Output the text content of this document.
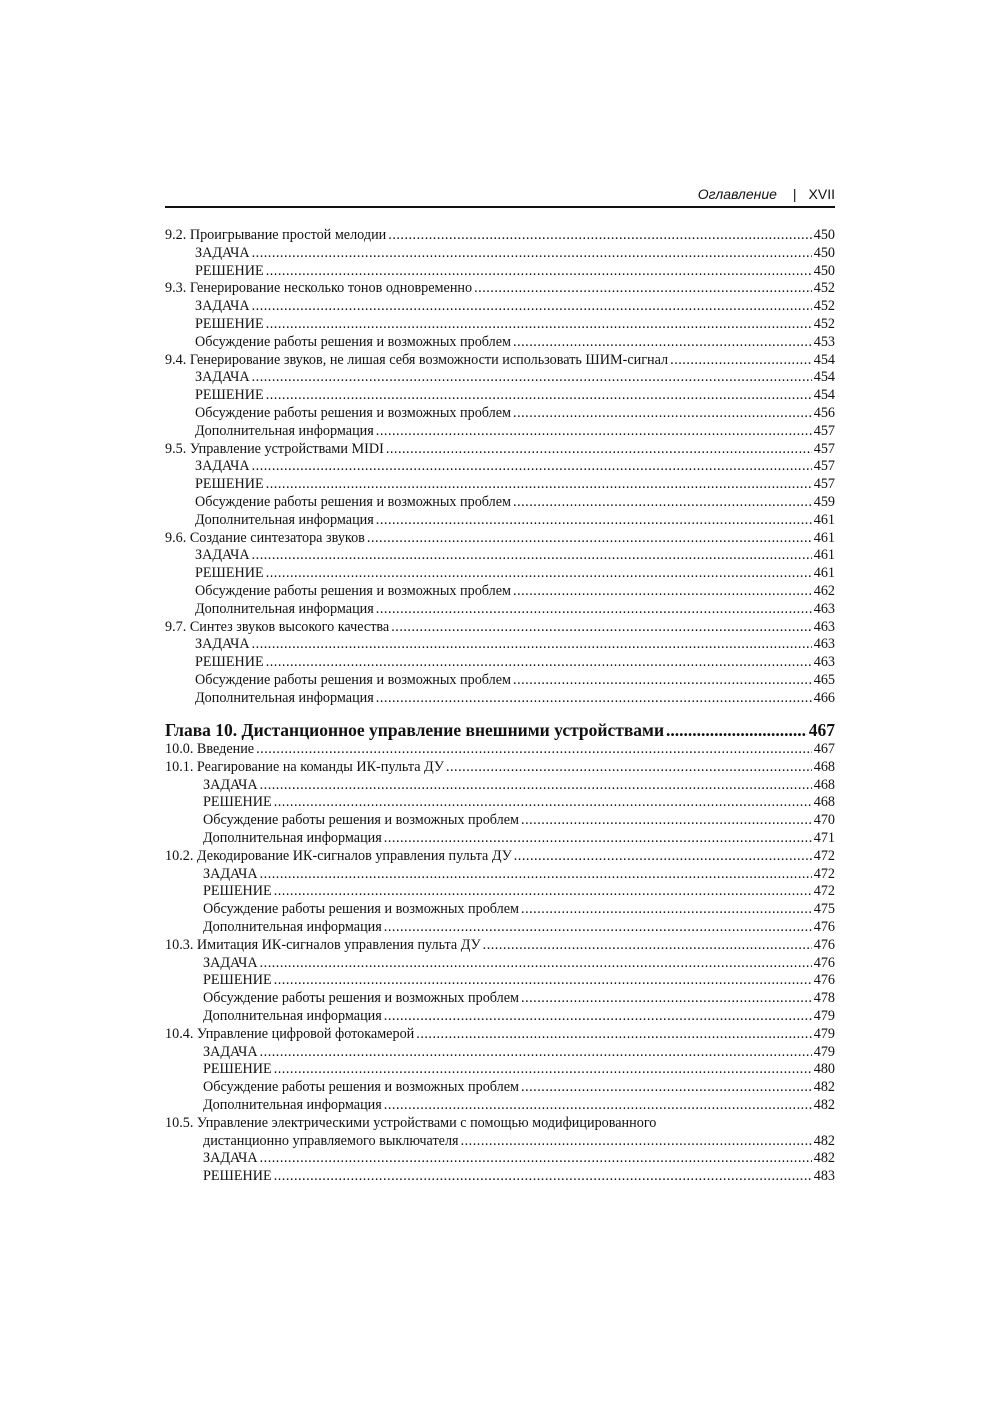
Оглавление | XVII
9.2. Проигрывание простой мелодии .....	450
ЗАДАЧА .....	450
РЕШЕНИЕ .....	450
9.3. Генерирование несколько тонов одновременно .....	452
ЗАДАЧА .....	452
РЕШЕНИЕ .....	452
Обсуждение работы решения и возможных проблем .....	453
9.4. Генерирование звуков, не лишая себя возможности использовать ШИМ-сигнал .....	454
ЗАДАЧА .....	454
РЕШЕНИЕ .....	454
Обсуждение работы решения и возможных проблем .....	456
Дополнительная информация .....	457
9.5. Управление устройствами MIDI .....	457
ЗАДАЧА .....	457
РЕШЕНИЕ .....	457
Обсуждение работы решения и возможных проблем .....	459
Дополнительная информация .....	461
9.6. Создание синтезатора звуков .....	461
ЗАДАЧА .....	461
РЕШЕНИЕ .....	461
Обсуждение работы решения и возможных проблем .....	462
Дополнительная информация .....	463
9.7. Синтез звуков высокого качества .....	463
ЗАДАЧА .....	463
РЕШЕНИЕ .....	463
Обсуждение работы решения и возможных проблем .....	465
Дополнительная информация .....	466
Глава 10. Дистанционное управление внешними устройствами .....	467
10.0. Введение .....	467
10.1. Реагирование на команды ИК-пульта ДУ .....	468
ЗАДАЧА .....	468
РЕШЕНИЕ .....	468
Обсуждение работы решения и возможных проблем .....	470
Дополнительная информация .....	471
10.2. Декодирование ИК-сигналов управления пульта ДУ .....	472
ЗАДАЧА .....	472
РЕШЕНИЕ .....	472
Обсуждение работы решения и возможных проблем .....	475
Дополнительная информация .....	476
10.3. Имитация ИК-сигналов управления пульта ДУ .....	476
ЗАДАЧА .....	476
РЕШЕНИЕ .....	476
Обсуждение работы решения и возможных проблем .....	478
Дополнительная информация .....	479
10.4. Управление цифровой фотокамерой .....	479
ЗАДАЧА .....	479
РЕШЕНИЕ .....	480
Обсуждение работы решения и возможных проблем .....	482
Дополнительная информация .....	482
10.5. Управление электрическими устройствами с помощью модифицированного
дистанционно управляемого выключателя .....	482
ЗАДАЧА .....	482
РЕШЕНИЕ .....	483
